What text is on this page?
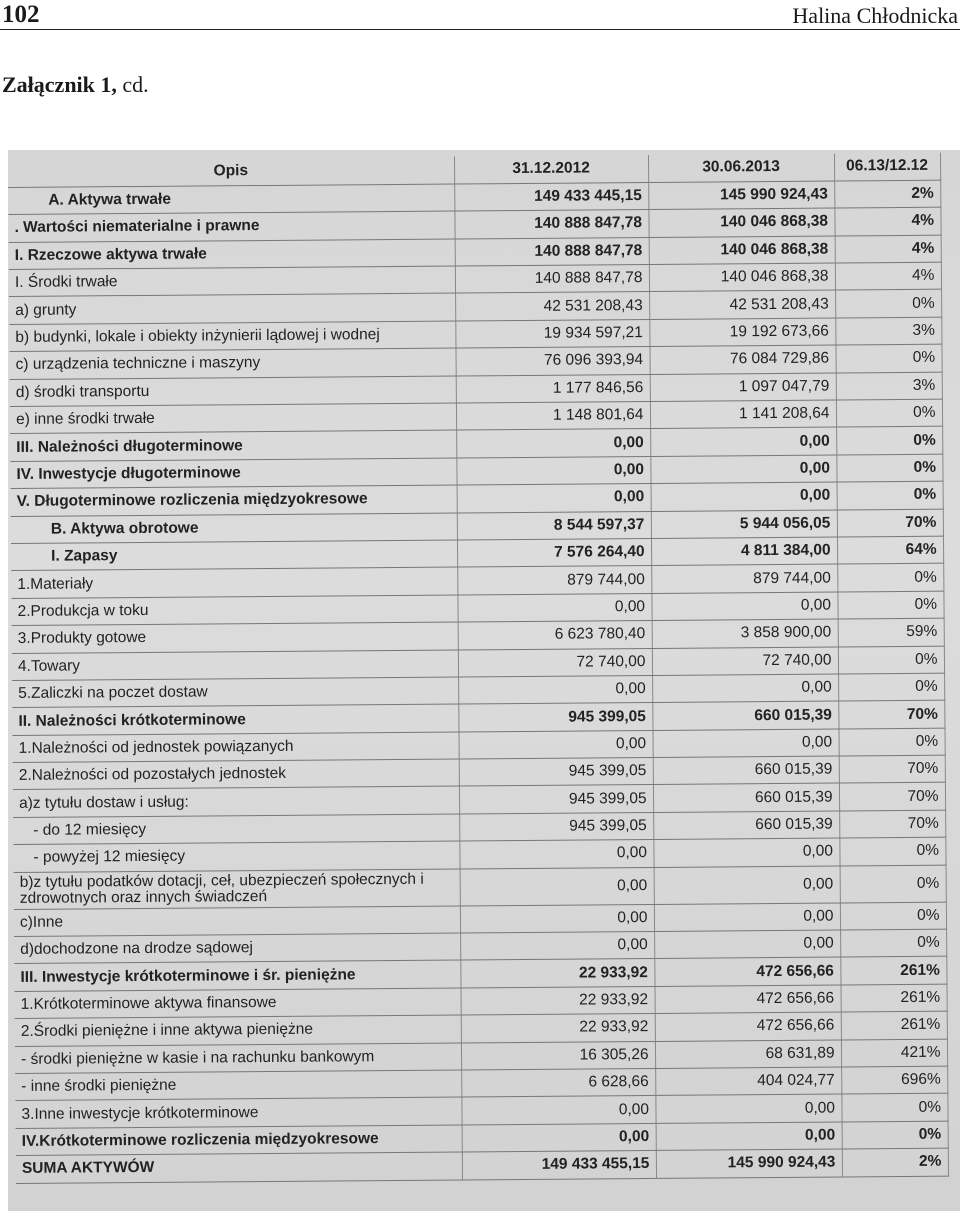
102	Halina Chłodnicka
Załącznik 1, cd.
Opis	31.12.2012	30.06.2013	06.13/12.12
A. Aktywa trwałe	149 433 445,15	145 990 924,43	2%
. Wartości niematerialne i prawne	140 888 847,78	140 046 868,38	4%
I. Rzeczowe aktywa trwałe	140 888 847,78	140 046 868,38	4%
I. Środki trwałe	140 888 847,78	140 046 868,38	4%
a) grunty	42 531 208,43	42 531 208,43	0%
b) budynki, lokale i obiekty inżynierii lądowej i wodnej	19 934 597,21	19 192 673,66	3%
c) urządzenia techniczne i maszyny	76 096 393,94	76 084 729,86	0%
d) środki transportu	1 177 846,56	1 097 047,79	3%
e) inne środki trwałe	1 148 801,64	1 141 208,64	0%
III. Należności długoterminowe	0,00	0,00	0%
IV. Inwestycje długoterminowe	0,00	0,00	0%
V. Długoterminowe rozliczenia międzyokresowe	0,00	0,00	0%
B. Aktywa obrotowe	8 544 597,37	5 944 056,05	70%
I. Zapasy	7 576 264,40	4 811 384,00	64%
1.Materiały	879 744,00	879 744,00	0%
2.Produkcja w toku	0,00	0,00	0%
3.Produkty gotowe	6 623 780,40	3 858 900,00	59%
4.Towary	72 740,00	72 740,00	0%
5.Zaliczki na poczet dostaw	0,00	0,00	0%
II. Należności krótkoterminowe	945 399,05	660 015,39	70%
1.Należności od jednostek powiązanych	0,00	0,00	0%
2.Należności od pozostałych jednostek	945 399,05	660 015,39	70%
a)z tytułu dostaw i usług:	945 399,05	660 015,39	70%
- do 12 miesięcy	945 399,05	660 015,39	70%
- powyżej 12 miesięcy	0,00	0,00	0%
b)z tytułu podatków dotacji, ceł, ubezpieczeń społecznych i zdrowotnych oraz innych świadczeń	0,00	0,00	0%
c)Inne	0,00	0,00	0%
d)dochodzone na drodze sądowej	0,00	0,00	0%
III. Inwestycje krótkoterminowe i śr. pieniężne	22 933,92	472 656,66	261%
1.Krótkoterminowe aktywa finansowe	22 933,92	472 656,66	261%
2.Środki pieniężne i inne aktywa pieniężne	22 933,92	472 656,66	261%
- środki pieniężne w kasie i na rachunku bankowym	16 305,26	68 631,89	421%
- inne środki pieniężne	6 628,66	404 024,77	696%
3.Inne inwestycje krótkoterminowe	0,00	0,00	0%
IV.Krótkoterminowe rozliczenia międzyokresowe	0,00	0,00	0%
SUMA AKTYWÓW	149 433 455,15	145 990 924,43	2%
